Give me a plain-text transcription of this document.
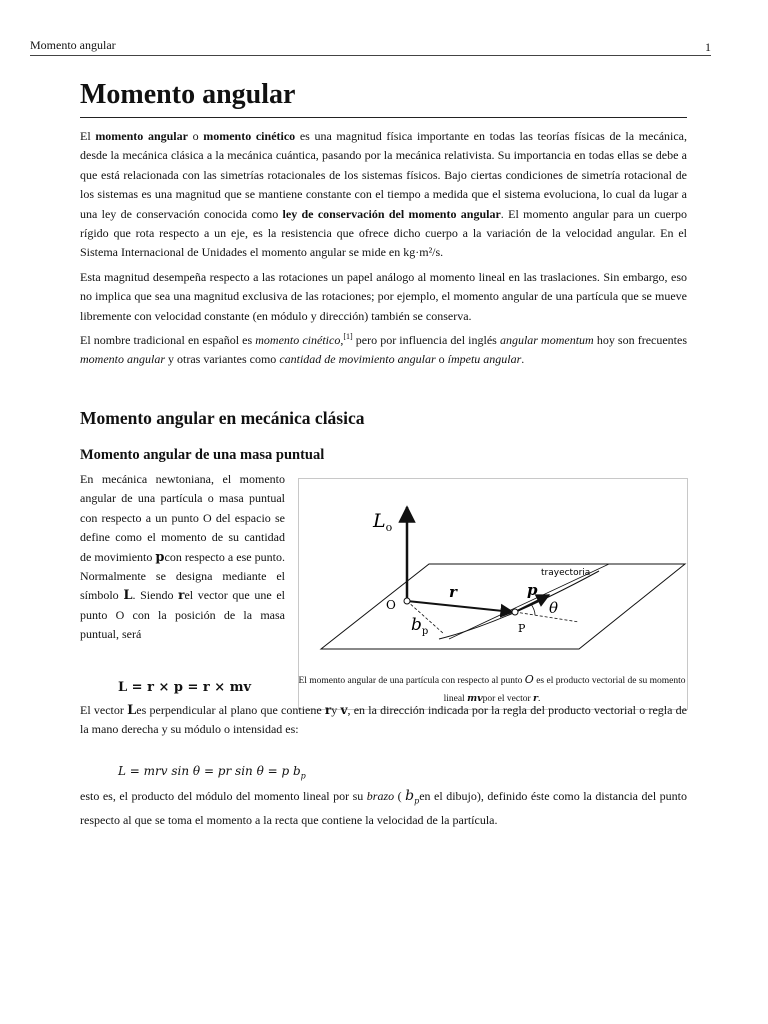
Momento angular	1
Momento angular

El momento angular o momento cinético es una magnitud física importante en todas las teorías físicas de la mecánica, desde la mecánica clásica a la mecánica cuántica, pasando por la mecánica relativista. Su importancia en todas ellas se debe a que está relacionada con las simetrías rotacionales de los sistemas físicos. Bajo ciertas condiciones de simetría rotacional de los sistemas es una magnitud que se mantiene constante con el tiempo a medida que el sistema evoluciona, lo cual da lugar a una ley de conservación conocida como ley de conservación del momento angular. El momento angular para un cuerpo rígido que rota respecto a un eje, es la resistencia que ofrece dicho cuerpo a la variación de la velocidad angular. En el Sistema Internacional de Unidades el momento angular se mide en kg·m²/s.

Esta magnitud desempeña respecto a las rotaciones un papel análogo al momento lineal en las traslaciones. Sin embargo, eso no implica que sea una magnitud exclusiva de las rotaciones; por ejemplo, el momento angular de una partícula que se mueve libremente con velocidad constante (en módulo y dirección) también se conserva.

El nombre tradicional en español es momento cinético,[1] pero por influencia del inglés angular momentum hoy son frecuentes momento angular y otras variantes como cantidad de movimiento angular o ímpetu angular.

Momento angular en mecánica clásica
Momento angular de una masa puntual

En mecánica newtoniana, el momento angular de una partícula o masa puntual con respecto a un punto O del espacio se define como el momento de su cantidad de movimiento pcon respecto a ese punto. Normalmente se designa mediante el símbolo L. Siendo rel vector que une el punto O con la posición de la masa puntual, será

L = r × p = r × mv
$L_o$
O
r	p
θ
P
$b_p$
trayectoria
El momento angular de una partícula con respecto al punto O es el producto vectorial de su momento lineal mvpor el vector r.

El vector Les perpendicular al plano que contiene ry v, en la dirección indicada por la regla del producto vectorial o regla de la mano derecha y su módulo o intensidad es:

L = mrv sin θ = pr sin θ = p $b_p$

esto es, el producto del módulo del momento lineal por su brazo ( $b_pen$ el dibujo), definido éste como la distancia del punto respecto al que se toma el momento a la recta que contiene la velocidad de la partícula.
